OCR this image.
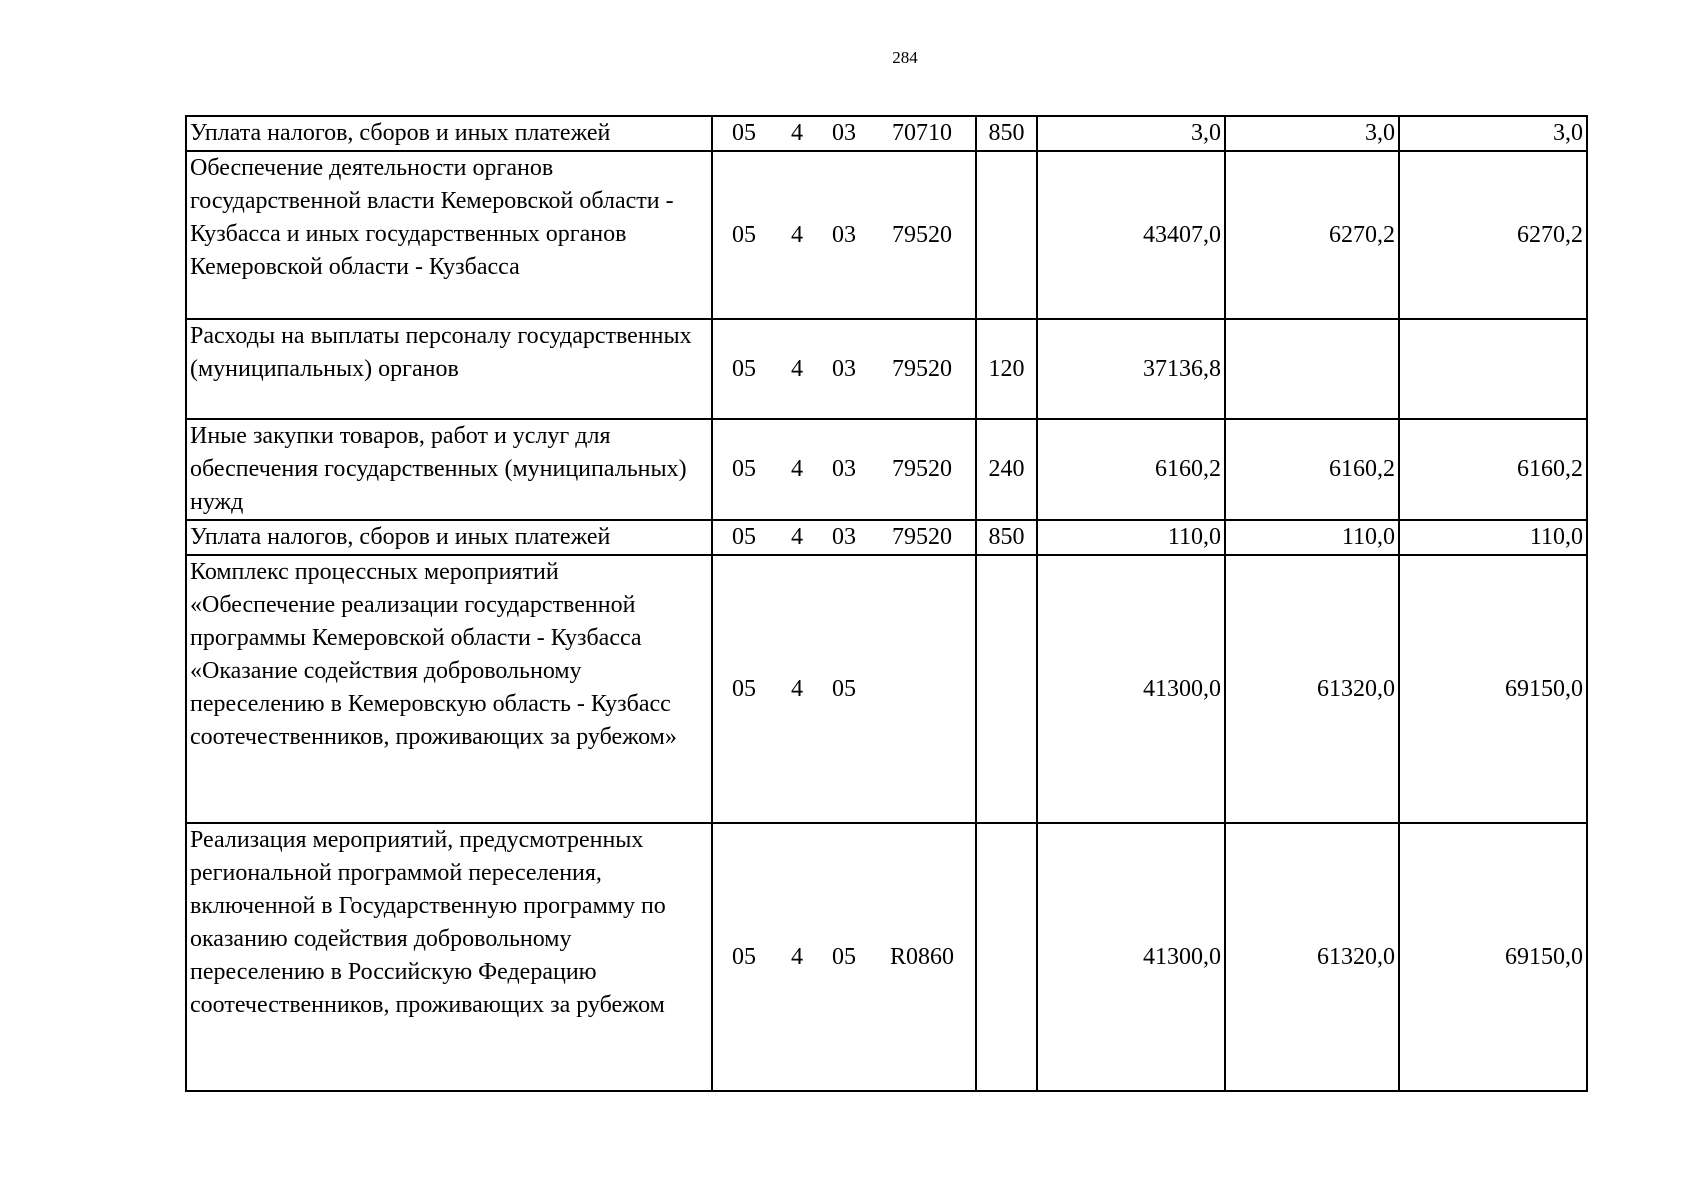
284
Уплата налогов, сборов и иных платежей	05	4	03	70710	850	3,0	3,0	3,0
Обеспечение деятельности органов государственной власти Кемеровской области - Кузбасса и иных государственных органов Кемеровской области - Кузбасса	05	4	03	79520		43407,0	6270,2	6270,2
Расходы на выплаты персоналу государственных (муниципальных) органов	05	4	03	79520	120	37136,8		
Иные закупки товаров, работ и услуг для обеспечения государственных (муниципальных) нужд	05	4	03	79520	240	6160,2	6160,2	6160,2
Уплата налогов, сборов и иных платежей	05	4	03	79520	850	110,0	110,0	110,0
Комплекс процессных мероприятий «Обеспечение реализации государственной программы Кемеровской области - Кузбасса «Оказание содействия добровольному переселению в Кемеровскую область - Кузбасс соотечественников, проживающих за рубежом»	05	4	05			41300,0	61320,0	69150,0
Реализация мероприятий, предусмотренных региональной программой переселения, включенной в Государственную программу по оказанию содействия добровольному переселению в Российскую Федерацию соотечественников, проживающих за рубежом	05	4	05	R0860		41300,0	61320,0	69150,0
